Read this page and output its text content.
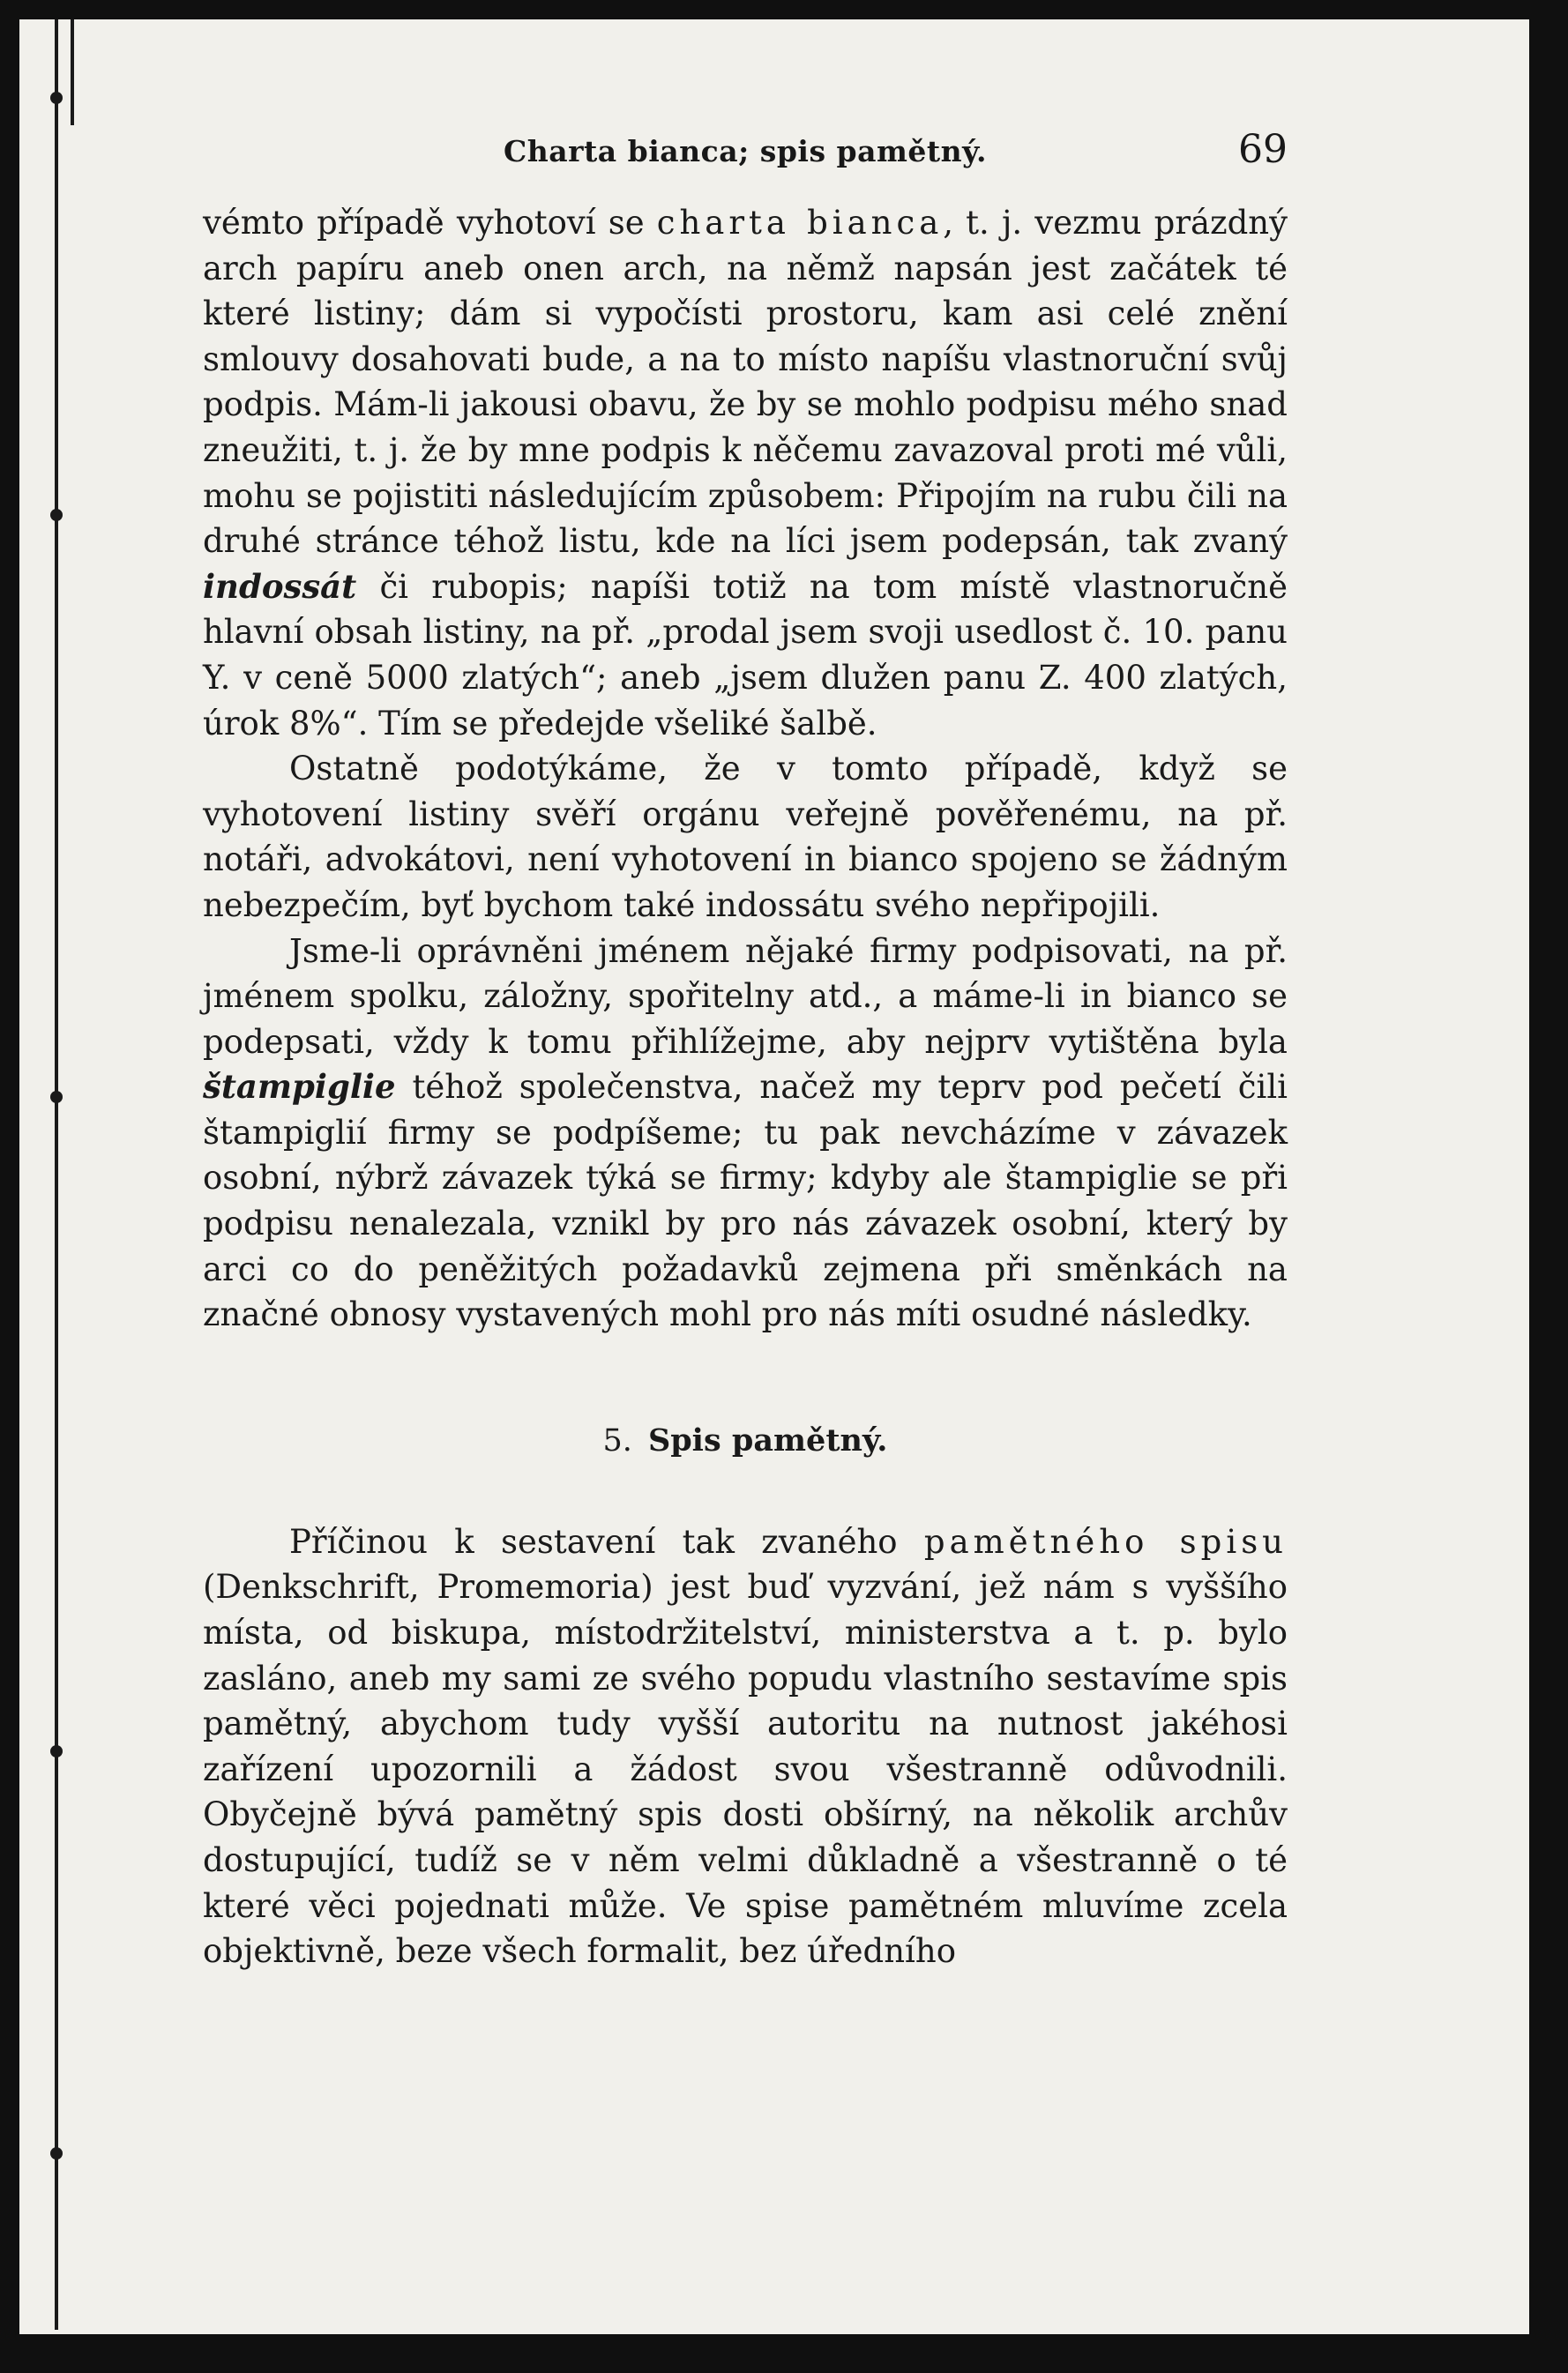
Charta bianca; spis pamětný.	69

vémto případě vyhotoví se charta bianca, t. j. vezmu prázdný arch papíru aneb onen arch, na němž napsán jest začátek té které listiny; dám si vypočísti prostoru, kam asi celé znění smlouvy dosahovati bude, a na to místo napíšu vlastnoruční svůj podpis. Mám-li jakousi obavu, že by se mohlo podpisu mého snad zneužiti, t. j. že by mne podpis k něčemu zavazoval proti mé vůli, mohu se pojistiti následujícím způsobem: Připojím na rubu čili na druhé stránce téhož listu, kde na líci jsem podepsán, tak zvaný indossát či rubopis; napíši totiž na tom místě vlastnoručně hlavní obsah listiny, na př. „prodal jsem svoji usedlost č. 10. panu Y. v ceně 5000 zlatých“; aneb „jsem dlužen panu Z. 400 zlatých, úrok 8%“. Tím se předejde všeliké šalbě.

Ostatně podotýkáme, že v tomto případě, když se vyhotovení listiny svěří orgánu veřejně pověřenému, na př. notáři, advokátovi, není vyhotovení in bianco spojeno se žádným nebezpečím, byť bychom také indossátu svého nepřipojili.

Jsme-li oprávněni jménem nějaké firmy podpisovati, na př. jménem spolku, záložny, spořitelny atd., a máme-li in bianco se podepsati, vždy k tomu přihlížejme, aby nejprv vytištěna byla štampiglie téhož společenstva, načež my teprv pod pečetí čili štampiglií firmy se podpíšeme; tu pak nevcházíme v závazek osobní, nýbrž závazek týká se firmy; kdyby ale štampiglie se při podpisu nenalezala, vznikl by pro nás závazek osobní, který by arci co do peněžitých požadavků zejmena při směnkách na značné obnosy vystavených mohl pro nás míti osudné následky.

5. Spis pamětný.

Příčinou k sestavení tak zvaného pamětného spisu (Denkschrift, Promemoria) jest buď vyzvání, jež nám s vyššího místa, od biskupa, místodržitelství, ministerstva a t. p. bylo zasláno, aneb my sami ze svého popudu vlastního sestavíme spis pamětný, abychom tudy vyšší autoritu na nutnost jakéhosi zařízení upozornili a žádost svou všestranně odůvodnili. Obyčejně bývá pamětný spis dosti obšírný, na několik archův dostupující, tudíž se v něm velmi důkladně a všestranně o té které věci pojednati může. Ve spise pamětném mluvíme zcela objektivně, beze všech formalit, bez úředního
